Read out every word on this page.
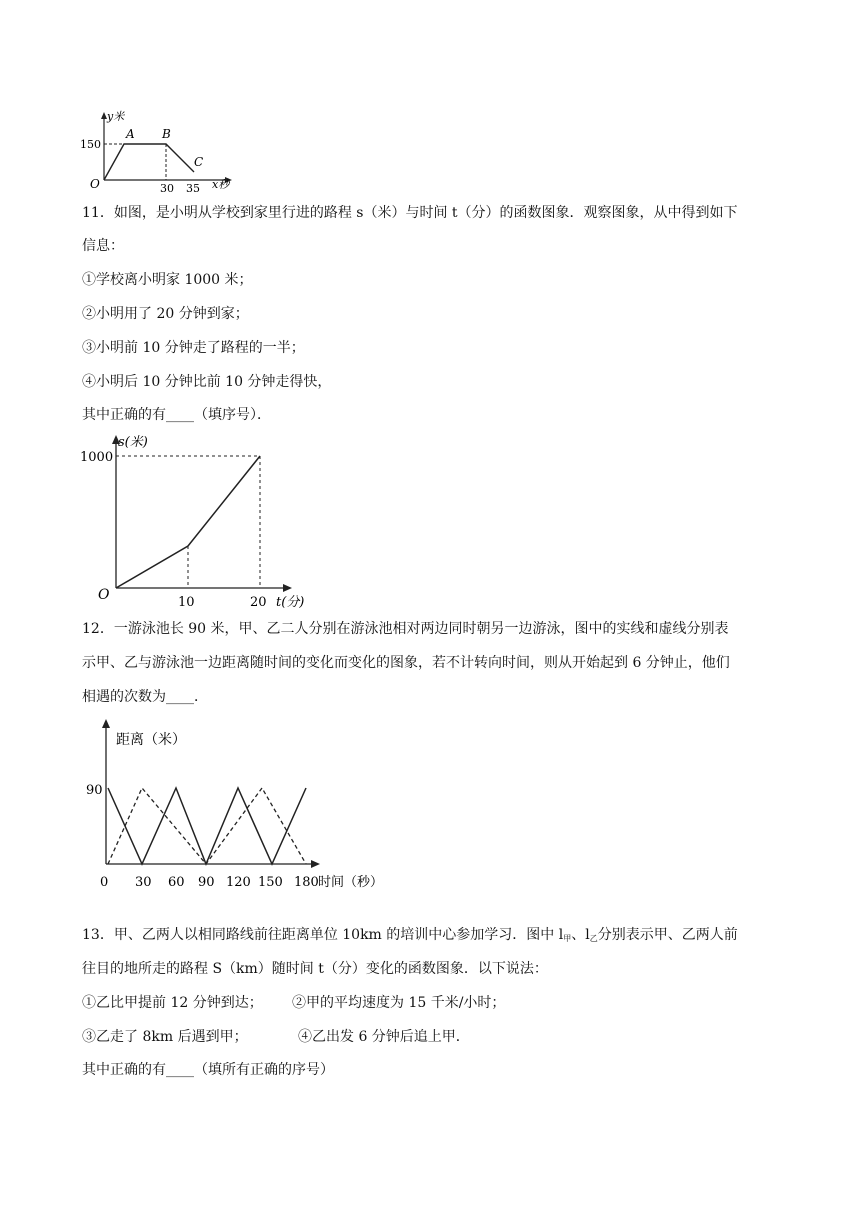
y米
150
O
A B
C
30 35 x秒
11．如图，是小明从学校到家里行进的路程 s（米）与时间 t（分）的函数图象．观察图象，从中得到如下
信息：
①学校离小明家 1000 米；
②小明用了 20 分钟到家；
③小明前 10 分钟走了路程的一半；
④小明后 10 分钟比前 10 分钟走得快，
其中正确的有____（填序号）．
s(米)
1000
O	10	20 t(分)
12．一游泳池长 90 米，甲、乙二人分别在游泳池相对两边同时朝另一边游泳，图中的实线和虚线分别表
示甲、乙与游泳池一边距离随时间的变化而变化的图象，若不计转向时间，则从开始起到 6 分钟止，他们
相遇的次数为____．
距离（米）
90
0 30 60 90 120 150 180 时间（秒）
13．甲、乙两人以相同路线前往距离单位 10km 的培训中心参加学习．图中 $l_甲$、$l_乙$分别表示甲、乙两人前
往目的地所走的路程 S（km）随时间 t（分）变化的函数图象．以下说法：
①乙比甲提前 12 分钟到达； ②甲的平均速度为 15 千米/小时；
③乙走了 8km 后遇到甲；	④乙出发 6 分钟后追上甲．
其中正确的有____（填所有正确的序号）
